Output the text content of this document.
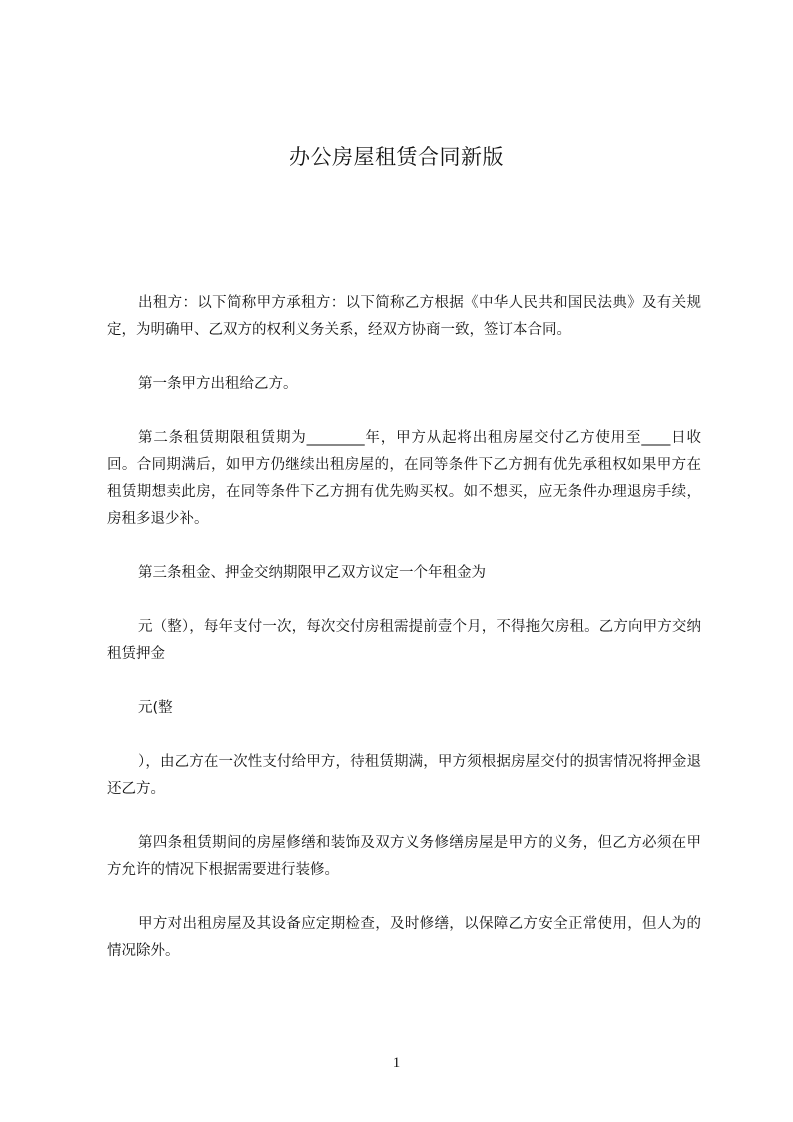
办公房屋租赁合同新版

出租方：以下简称甲方承租方：以下简称乙方根据《中华人民共和国民法典》及有关规定，为明确甲、乙双方的权利义务关系，经双方协商一致，签订本合同。

第一条甲方出租给乙方。

第二条租赁期限租赁期为________年，甲方从起将出租房屋交付乙方使用至____日收回。合同期满后，如甲方仍继续出租房屋的，在同等条件下乙方拥有优先承租权如果甲方在租赁期想卖此房，在同等条件下乙方拥有优先购买权。如不想买，应无条件办理退房手续，房租多退少补。

第三条租金、押金交纳期限甲乙双方议定一个年租金为

元（整），每年支付一次，每次交付房租需提前壹个月，不得拖欠房租。乙方向甲方交纳租赁押金

元(整

），由乙方在一次性支付给甲方，待租赁期满，甲方须根据房屋交付的损害情况将押金退还乙方。

第四条租赁期间的房屋修缮和装饰及双方义务修缮房屋是甲方的义务，但乙方必须在甲方允许的情况下根据需要进行装修。

甲方对出租房屋及其设备应定期检查，及时修缮，以保障乙方安全正常使用，但人为的情况除外。

1
